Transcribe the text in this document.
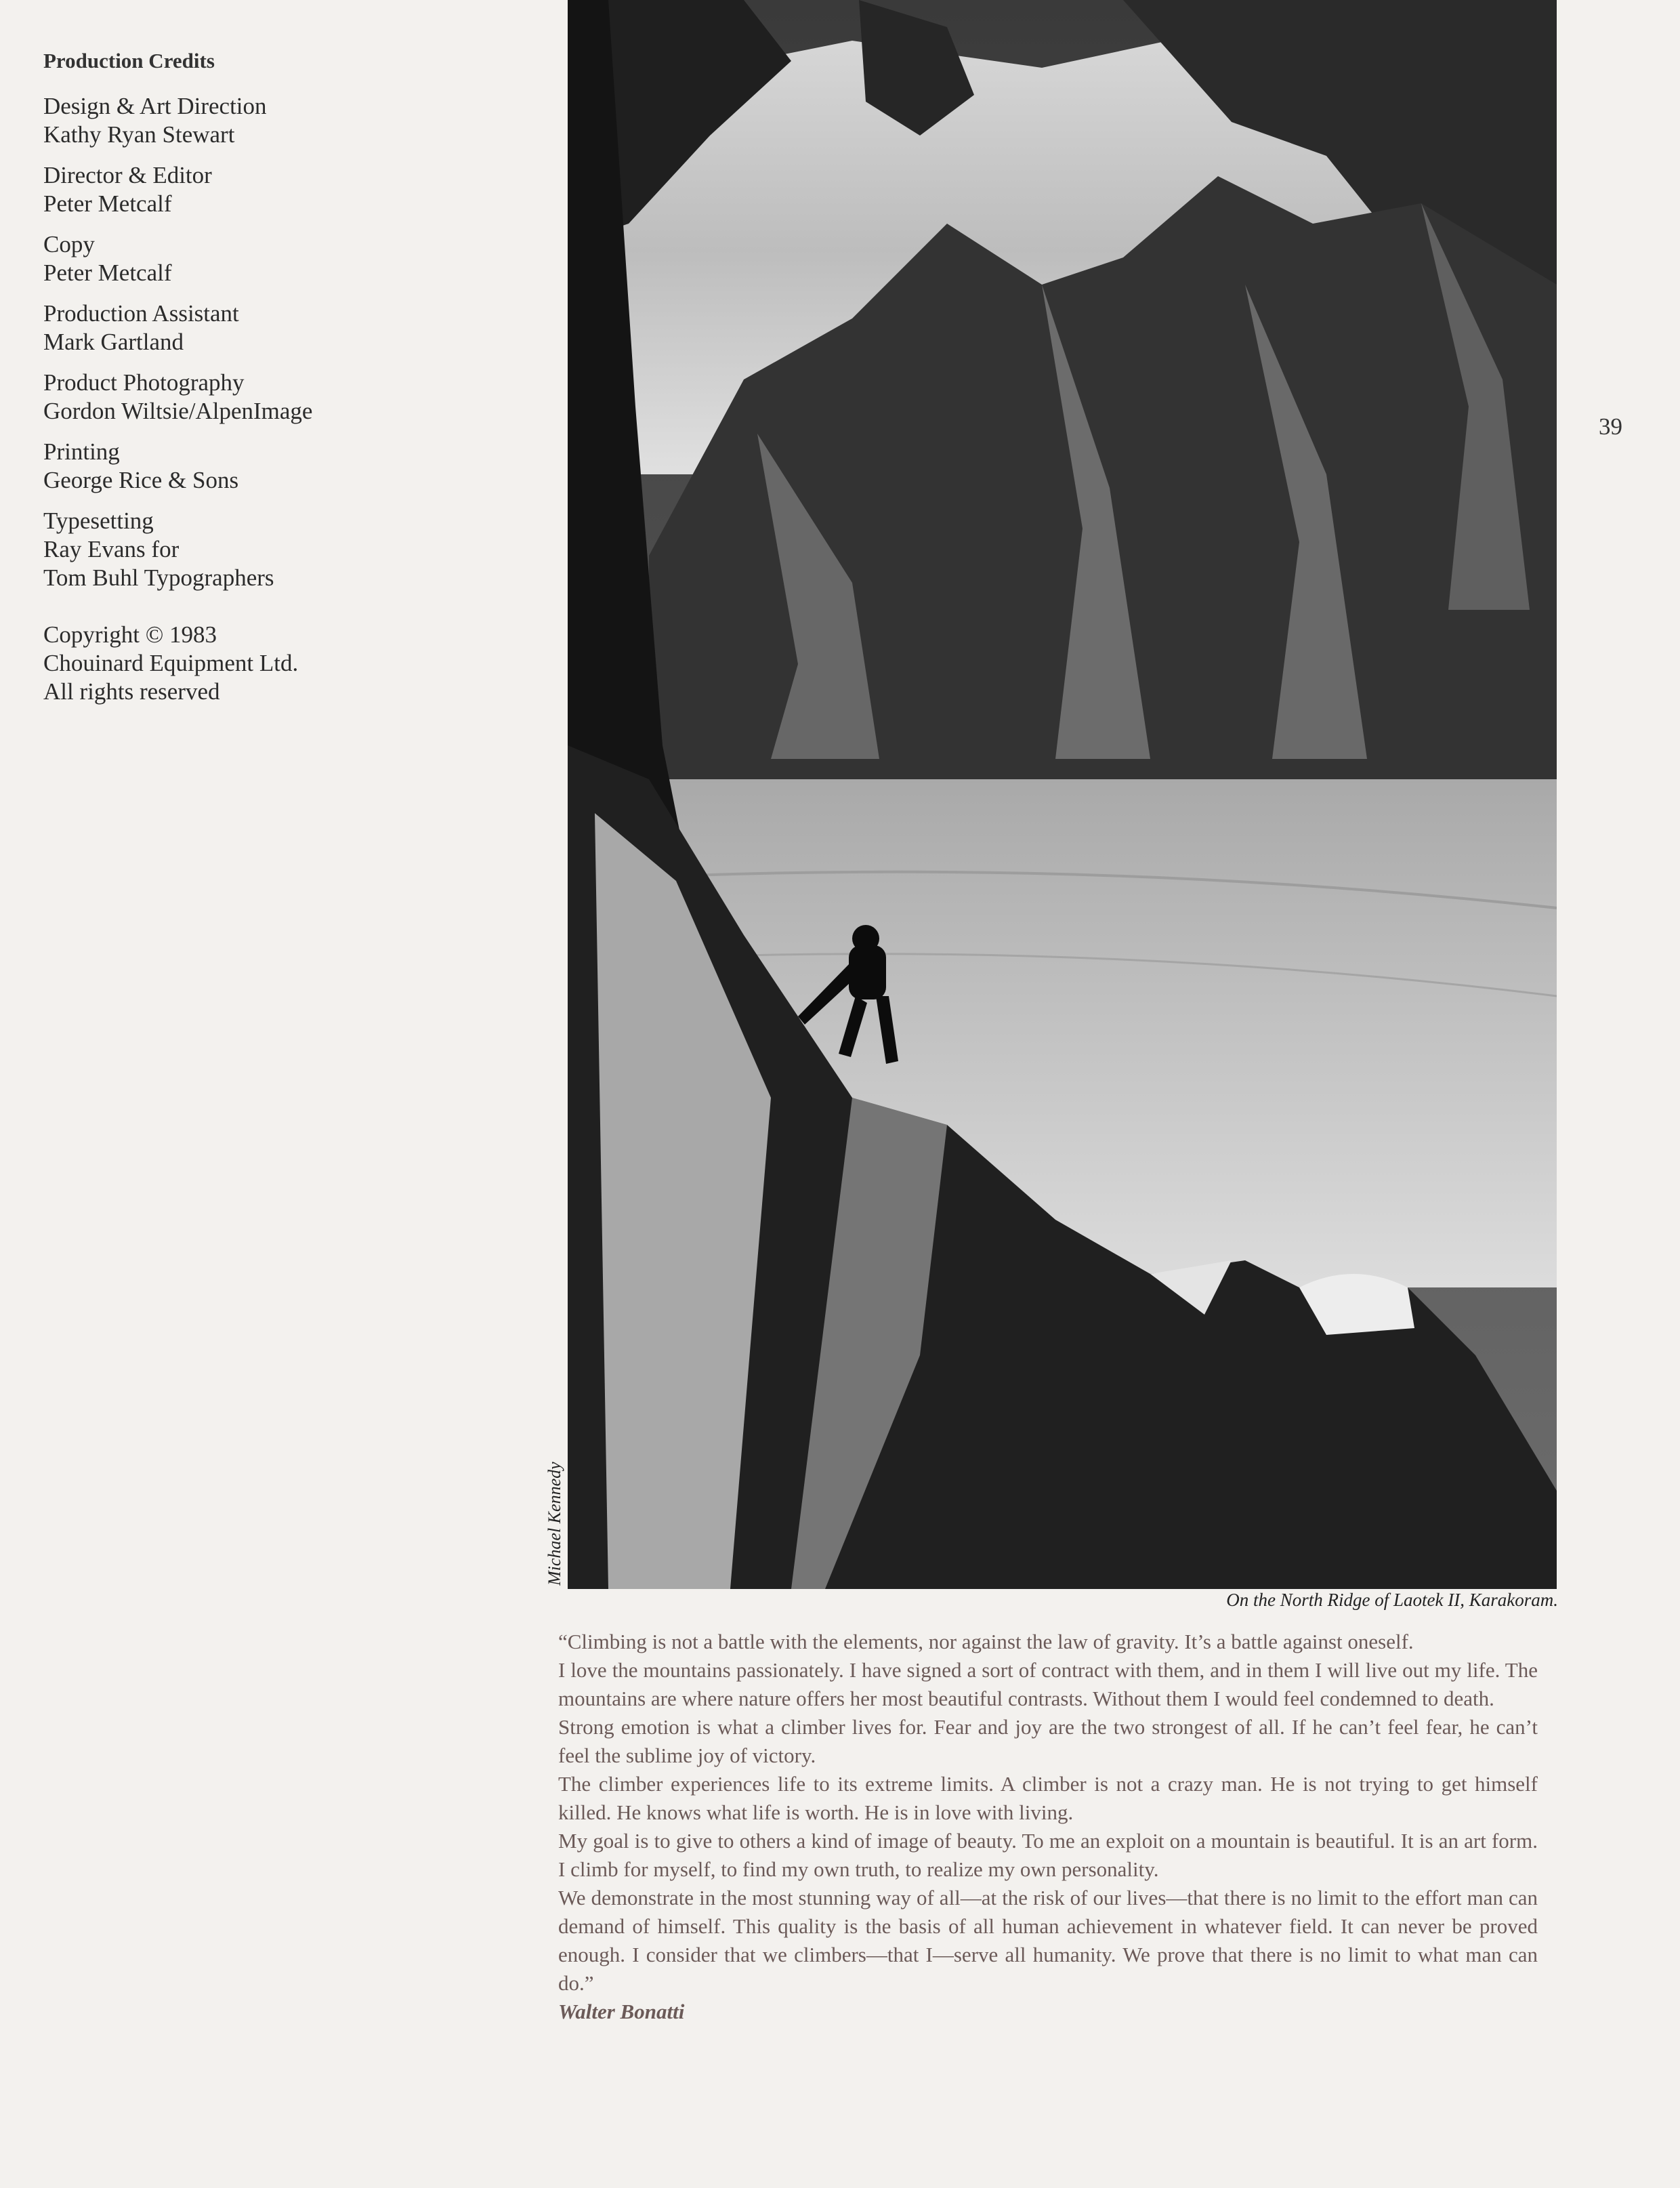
Production Credits
Design & Art Direction
Kathy Ryan Stewart
Director & Editor
Peter Metcalf
Copy
Peter Metcalf
Production Assistant
Mark Gartland
Product Photography
Gordon Wiltsie/AlpenImage
Printing
George Rice & Sons
Typesetting
Ray Evans for
Tom Buhl Typographers
Copyright © 1983
Chouinard Equipment Ltd.
All rights reserved
39
Michael Kennedy
On the North Ridge of Laotek II, Karakoram.

“Climbing is not a battle with the elements, nor against the law of gravity. It’s a battle against oneself.

I love the mountains passionately. I have signed a sort of contract with them, and in them I will live out my life. The mountains are where nature offers her most beautiful contrasts. Without them I would feel condemned to death.

Strong emotion is what a climber lives for. Fear and joy are the two strongest of all. If he can’t feel fear, he can’t feel the sublime joy of victory.

The climber experiences life to its extreme limits. A climber is not a crazy man. He is not trying to get himself killed. He knows what life is worth. He is in love with living.

My goal is to give to others a kind of image of beauty. To me an exploit on a mountain is beautiful. It is an art form. I climb for myself, to find my own truth, to realize my own personality.

We demonstrate in the most stunning way of all—at the risk of our lives—that there is no limit to the effort man can demand of himself. This quality is the basis of all human achievement in whatever field. It can never be proved enough. I consider that we climbers—that I—serve all humanity. We prove that there is no limit to what man can do.”

Walter Bonatti
